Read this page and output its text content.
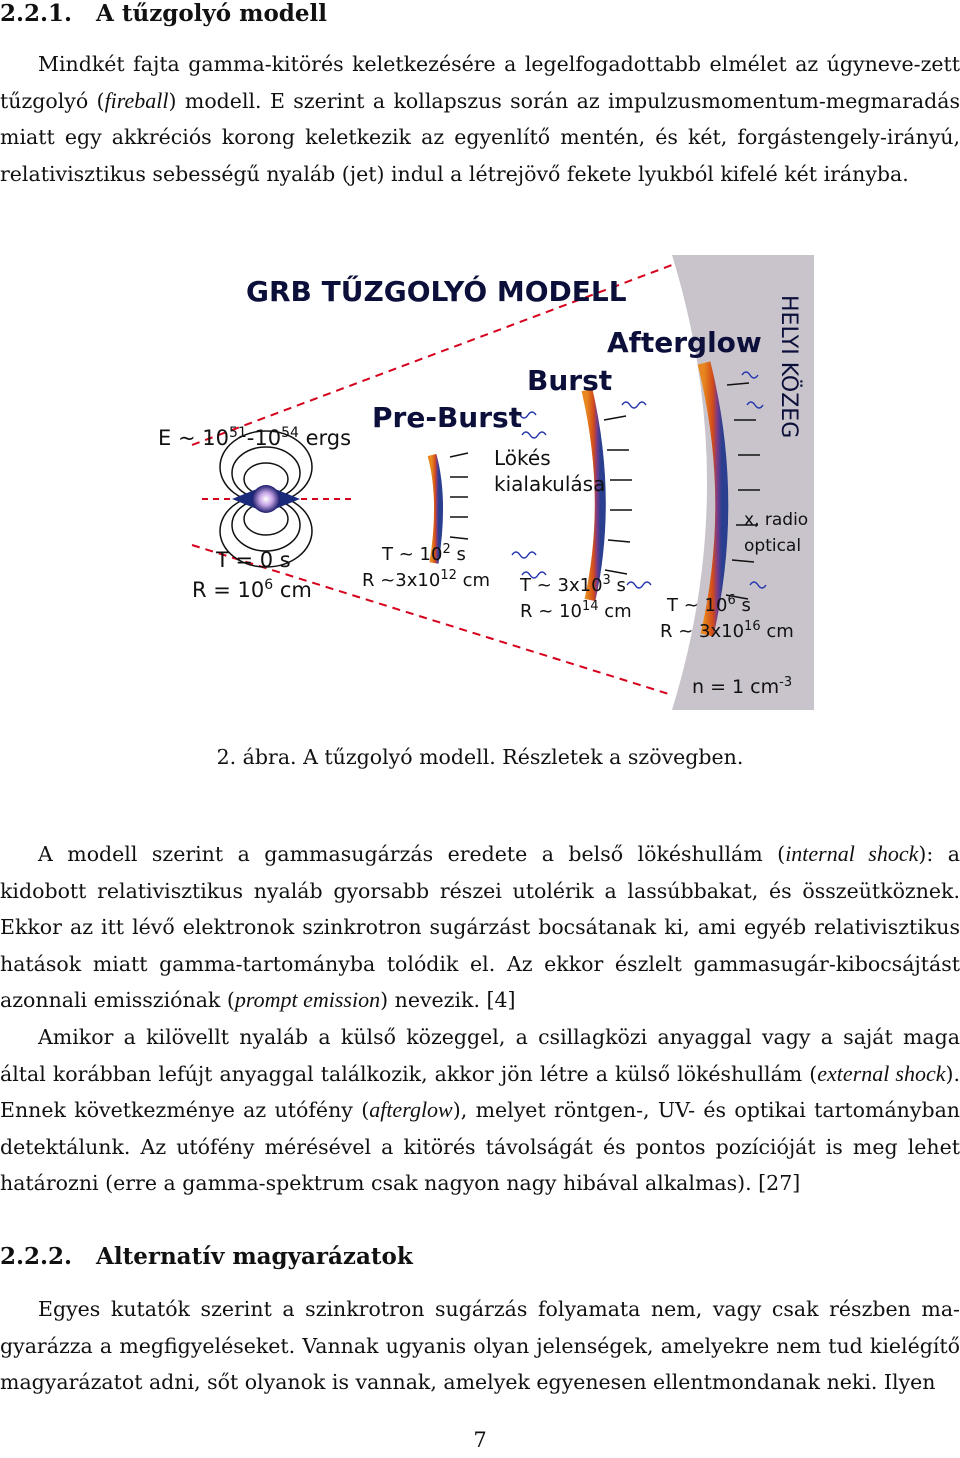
2.2.1. A tűzgolyó modell
Mindkét fajta gamma-kitörés keletkezésére a legelfogadottabb elmélet az úgyneve-zett tűzgolyó (fireball) modell. E szerint a kollapszus során az impulzusmomentum-megmaradás miatt egy akkréciós korong keletkezik az egyenlítő mentén, és két, forgástengely-irányú, relativisztikus sebességű nyaláb (jet) indul a létrejövő fekete lyukból kifelé két irányba.
GRB TŰZGOLYÓ MODELL
Pre-Burst
Burst
Afterglow HELYI KÖZEG
E ~ $10^{51}-10^{54}$ ergs
Lökés kialakulása
x, radio optical
T = 0 s
$R = 10^6$ cm
T ~ $10^2$ s
R $\sim 3x10^{12}$ cm T ~ $3x10^3$ s
R ~ $10^{14}$ cm T ~ $10^6$ s
R ~ $3x10^{16}$ cm
n = 1 $cm^{-3}$
2. ábra. A tűzgolyó modell. Részletek a szövegben.
A modell szerint a gammasugárzás eredete a belső lökéshullám (internal shock): a kidobott relativisztikus nyaláb gyorsabb részei utolérik a lassúbbakat, és összeütköznek. Ekkor az itt lévő elektronok szinkrotron sugárzást bocsátanak ki, ami egyéb relativisztikus hatások miatt gamma-tartományba tolódik el. Az ekkor észlelt gammasugár-kibocsájtást azonnali emissziónak (prompt emission) nevezik. [4]
Amikor a kilövellt nyaláb a külső közeggel, a csillagközi anyaggal vagy a saját maga által korábban lefújt anyaggal találkozik, akkor jön létre a külső lökéshullám (external shock). Ennek következménye az utófény (afterglow), melyet röntgen-, UV- és optikai tartományban detektálunk. Az utófény mérésével a kitörés távolságát és pontos pozícióját is meg lehet határozni (erre a gamma-spektrum csak nagyon nagy hibával alkalmas). [27]
2.2.2. Alternatív magyarázatok
Egyes kutatók szerint a szinkrotron sugárzás folyamata nem, vagy csak részben ma-gyarázza a megfigyeléseket. Vannak ugyanis olyan jelenségek, amelyekre nem tud kielégítő magyarázatot adni, sőt olyanok is vannak, amelyek egyenesen ellentmondanak neki. Ilyen
7
